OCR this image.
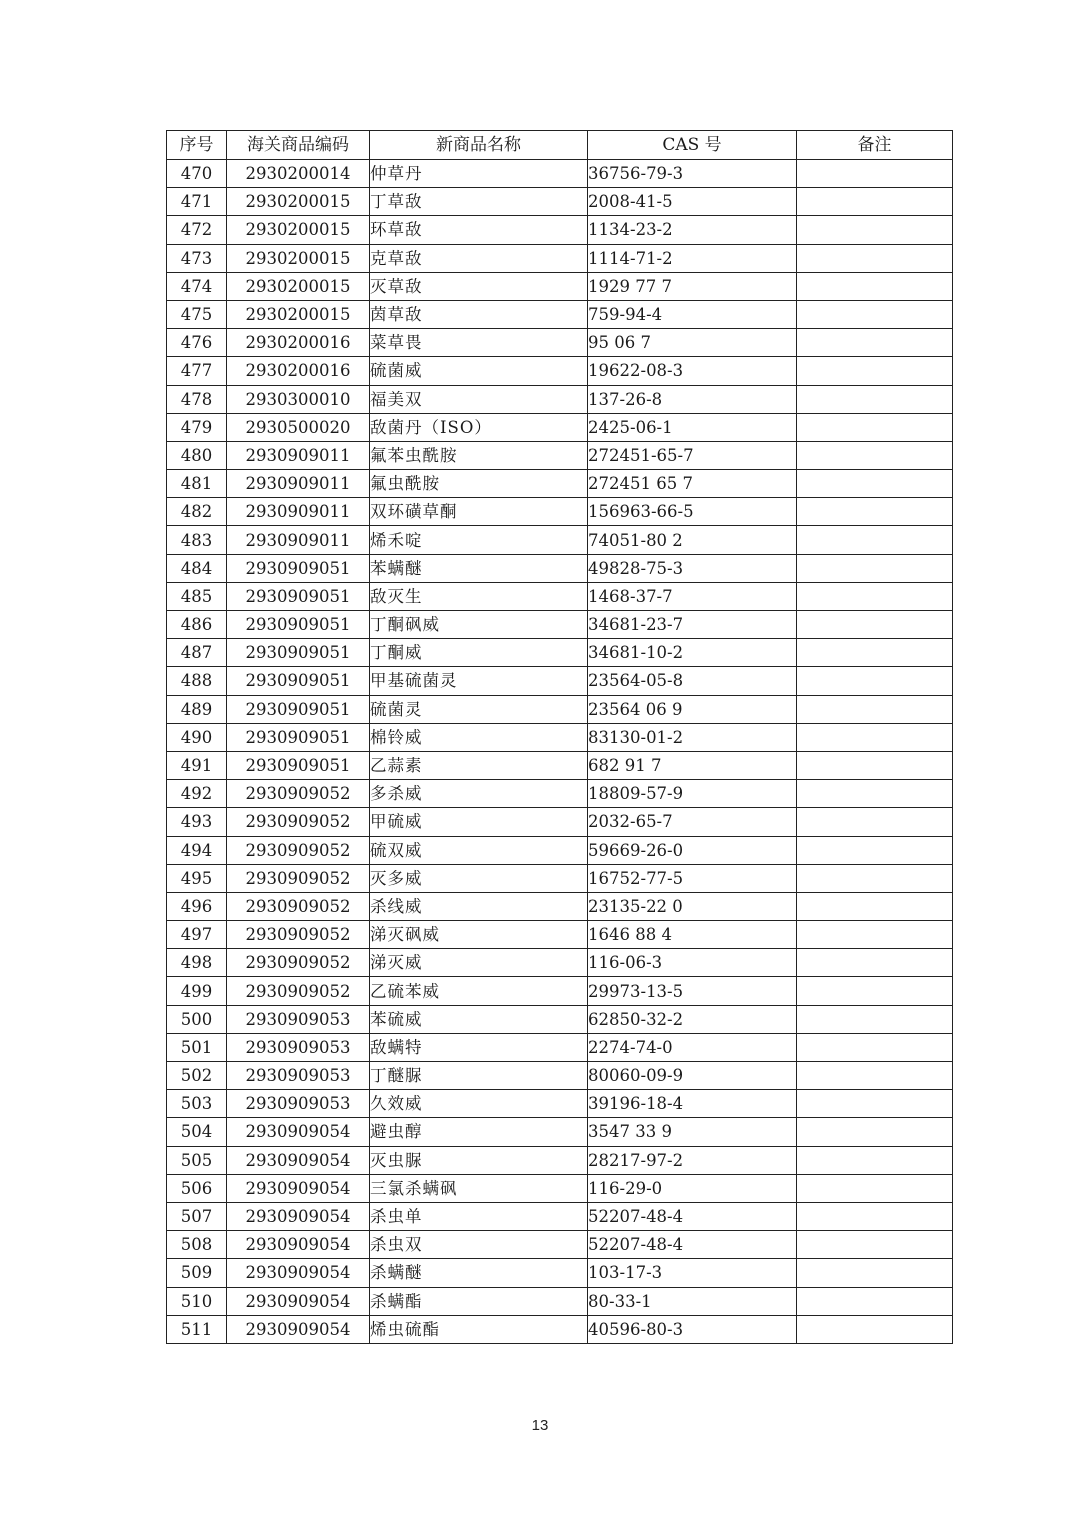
序号	海关商品编码	新商品名称	CAS 号	备注
470	2930200014	仲草丹	36756-79-3	
471	2930200015	丁草敌	2008-41-5	
472	2930200015	环草敌	1134-23-2	
473	2930200015	克草敌	1114-71-2	
474	2930200015	灭草敌	1929 77 7	
475	2930200015	茵草敌	759-94-4	
476	2930200016	菜草畏	95 06 7	
477	2930200016	硫菌威	19622-08-3	
478	2930300010	福美双	137-26-8	
479	2930500020	敌菌丹（ISO）	2425-06-1	
480	2930909011	氟苯虫酰胺	272451-65-7	
481	2930909011	氟虫酰胺	272451 65 7	
482	2930909011	双环磺草酮	156963-66-5	
483	2930909011	烯禾啶	74051-80 2	
484	2930909051	苯螨醚	49828-75-3	
485	2930909051	敌灭生	1468-37-7	
486	2930909051	丁酮砜威	34681-23-7	
487	2930909051	丁酮威	34681-10-2	
488	2930909051	甲基硫菌灵	23564-05-8	
489	2930909051	硫菌灵	23564 06 9	
490	2930909051	棉铃威	83130-01-2	
491	2930909051	乙蒜素	682 91 7	
492	2930909052	多杀威	18809-57-9	
493	2930909052	甲硫威	2032-65-7	
494	2930909052	硫双威	59669-26-0	
495	2930909052	灭多威	16752-77-5	
496	2930909052	杀线威	23135-22 0	
497	2930909052	涕灭砜威	1646 88 4	
498	2930909052	涕灭威	116-06-3	
499	2930909052	乙硫苯威	29973-13-5	
500	2930909053	苯硫威	62850-32-2	
501	2930909053	敌螨特	2274-74-0	
502	2930909053	丁醚脲	80060-09-9	
503	2930909053	久效威	39196-18-4	
504	2930909054	避虫醇	3547 33 9	
505	2930909054	灭虫脲	28217-97-2	
506	2930909054	三氯杀螨砜	116-29-0	
507	2930909054	杀虫单	52207-48-4	
508	2930909054	杀虫双	52207-48-4	
509	2930909054	杀螨醚	103-17-3	
510	2930909054	杀螨酯	80-33-1	
511	2930909054	烯虫硫酯	40596-80-3	
13
